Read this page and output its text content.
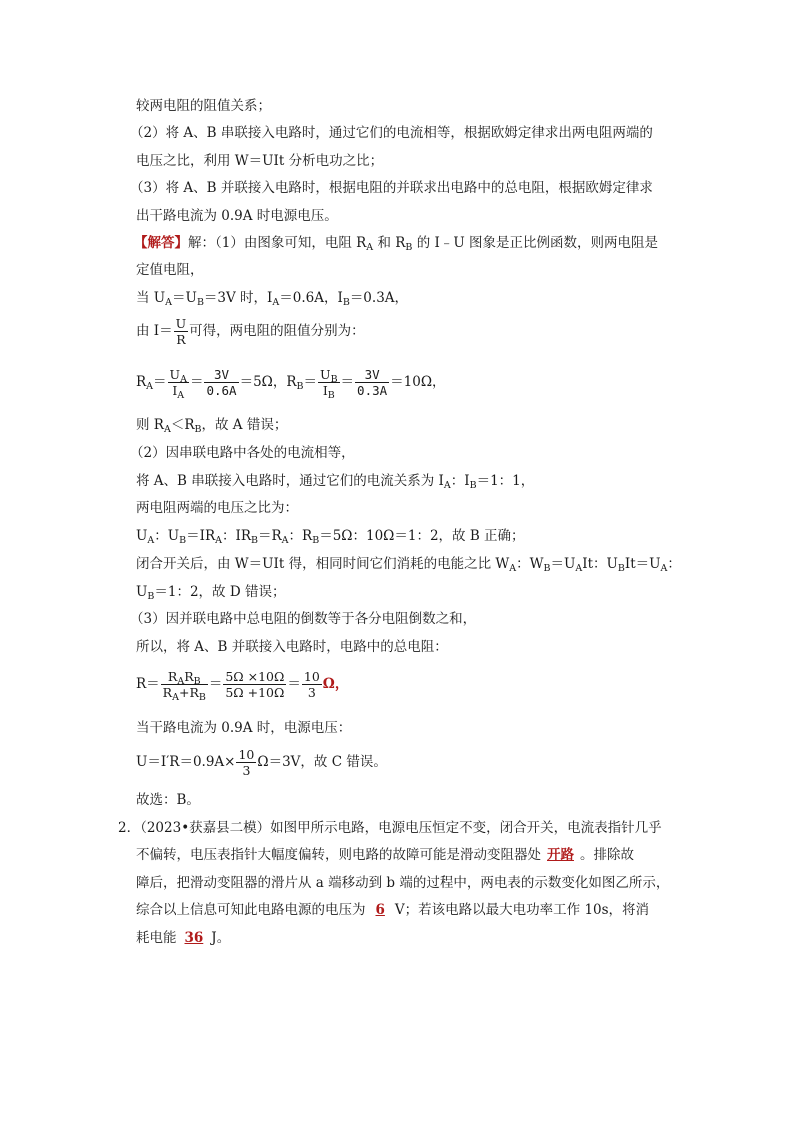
较两电阻的阻值关系；
（2）将 A、B 串联接入电路时，通过它们的电流相等，根据欧姆定律求出两电阻两端的
电压之比，利用 W＝UIt 分析电功之比；
（3）将 A、B 并联接入电路时，根据电阻的并联求出电路中的总电阻，根据欧姆定律求
出干路电流为 0.9A 时电源电压。
【解答】解：（1）由图象可知，电阻 $R_A$ 和 $R_B$ 的 I﹣U 图象是正比例函数，则两电阻是
定值电阻，
当 $U_A=U_B=3V$ 时，$I_A=0.6A$，$I_B=0.3A$，
由 $I= \frac{U}{R}$ 可得，两电阻的阻值分别为：
$R_A= \frac{U_A}{I_A} = \frac{3V}{0.6A} =5\Omega$，$R_B= \frac{U_B}{I_B} = \frac{3V}{0.3A} =10\Omega$，
则 $R_A<R_B$，故 A 错误；
（2）因串联电路中各处的电流相等，
将 A、B 串联接入电路时，通过它们的电流关系为 $I_A$：$I_B=1$：1，
两电阻两端的电压之比为：
$U_A$：$U_B=IR_A$：$IR_B=R_A$：$R_B=5\Omega$：10Ω＝1：2，故 B 正确；
闭合开关后，由 W＝UIt 得，相同时间它们消耗的电能之比 $W_A$：$W_B=U_AIt$：$U_BIt=U_A$：
$U_B=1$：2，故 D 错误；
（3）因并联电路中总电阻的倒数等于各分电阻倒数之和，
所以，将 A、B 并联接入电路时，电路中的总电阻：
$R= \frac{R_AR_B}{R_A+R_B} = \frac{5\Omega \times 10\Omega}{5\Omega +10\Omega} = \frac{10}{3}$ Ω，
当干路电流为 0.9A 时，电源电压：
$U=I'R=0.9A\times \frac{10}{3} \Omega=3V$，故 C 错误。
故选：B。
2．（2023•获嘉县二模）如图甲所示电路，电源电压恒定不变，闭合开关，电流表指针几乎
不偏转，电压表指针大幅度偏转，则电路的故障可能是滑动变阻器处 开路 。排除故
障后，把滑动变阻器的滑片从 a 端移动到 b 端的过程中，两电表的示数变化如图乙所示，
综合以上信息可知此电路电源的电压为 6 V；若该电路以最大电功率工作 10s，将消
耗电能 36 J。
